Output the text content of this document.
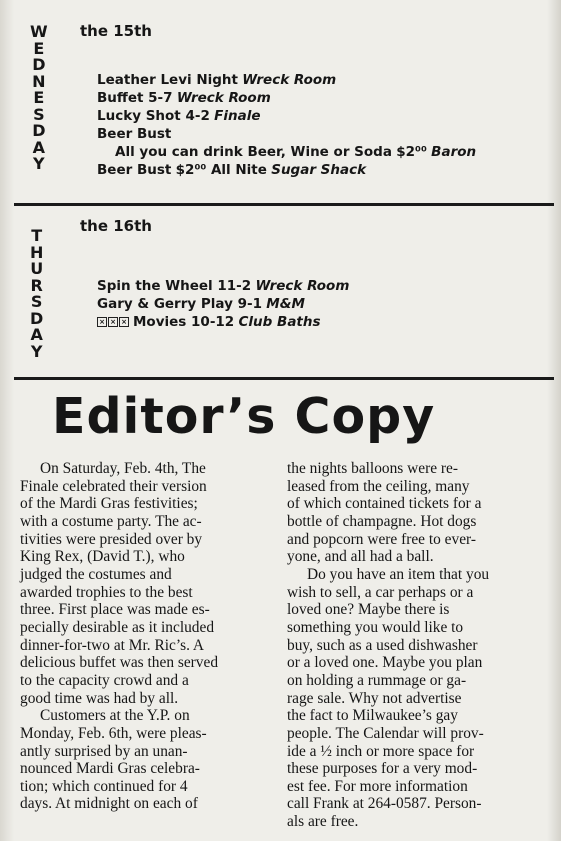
W
E
D
N
E
S
D
A
Y
the 15th
Leather Levi Night Wreck Room
Buffet 5-7 Wreck Room
Lucky Shot 4-2 Finale
Beer Bust
All you can drink Beer, Wine or Soda $2⁰⁰ Baron
Beer Bust $2⁰⁰ All Nite Sugar Shack
T
H
U
R
S
D
A
Y
the 16th
Spin the Wheel 11-2 Wreck Room
Gary & Gerry Play 9-1 M&M
× × × Movies 10-12 Club Baths
Editor’s Copy

On Saturday, Feb. 4th, The

Finale celebrated their version

of the Mardi Gras festivities;

with a costume party. The ac-

tivities were presided over by

King Rex, (David T.), who

judged the costumes and

awarded trophies to the best

three. First place was made es-

pecially desirable as it included

dinner-for-two at Mr. Ric’s. A

delicious buffet was then served

to the capacity crowd and a

good time was had by all.

Customers at the Y.P. on

Monday, Feb. 6th, were pleas-

antly surprised by an unan-

nounced Mardi Gras celebra-

tion; which continued for 4

days. At midnight on each of

the nights balloons were re-

leased from the ceiling, many

of which contained tickets for a

bottle of champagne. Hot dogs

and popcorn were free to ever-

yone, and all had a ball.

Do you have an item that you

wish to sell, a car perhaps or a

loved one? Maybe there is

something you would like to

buy, such as a used dishwasher

or a loved one. Maybe you plan

on holding a rummage or ga-

rage sale. Why not advertise

the fact to Milwaukee’s gay

people. The Calendar will prov-

ide a ½ inch or more space for

these purposes for a very mod-

est fee. For more information

call Frank at 264-0587. Person-

als are free.
